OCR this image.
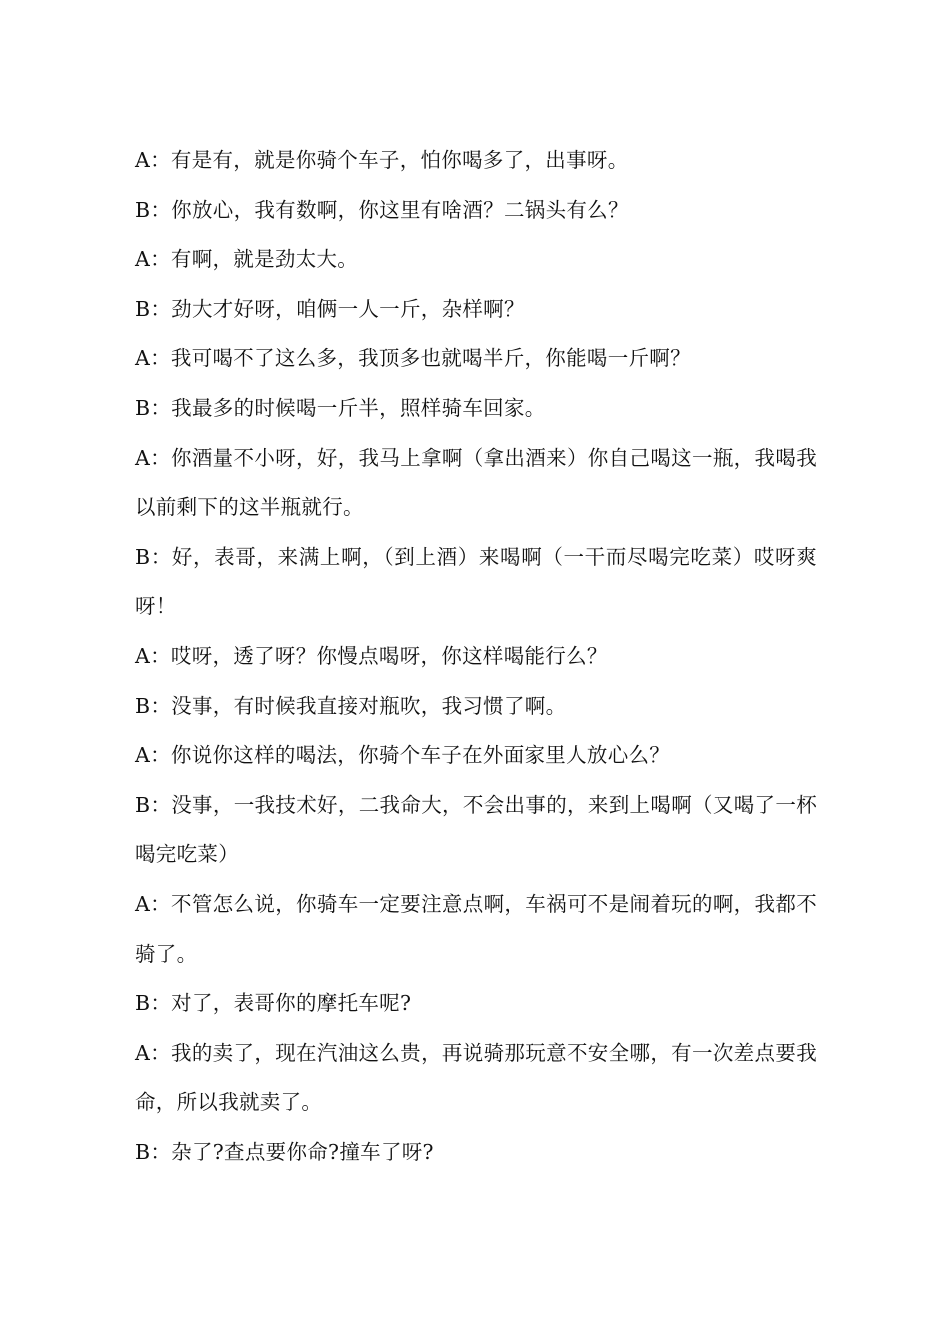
A：有是有，就是你骑个车子，怕你喝多了，出事呀。

B：你放心，我有数啊，你这里有啥酒？二锅头有么？

A：有啊，就是劲太大。

B：劲大才好呀，咱俩一人一斤，杂样啊？

A：我可喝不了这么多，我顶多也就喝半斤，你能喝一斤啊？

B：我最多的时候喝一斤半，照样骑车回家。

A：你酒量不小呀，好，我马上拿啊（拿出酒来）你自己喝这一瓶，我喝我以前剩下的这半瓶就行。

B：好，表哥，来满上啊，（到上酒）来喝啊（一干而尽喝完吃菜）哎呀爽呀！

A：哎呀，透了呀？你慢点喝呀，你这样喝能行么？

B：没事，有时候我直接对瓶吹，我习惯了啊。

A：你说你这样的喝法，你骑个车子在外面家里人放心么？

B：没事，一我技术好，二我命大，不会出事的，来到上喝啊（又喝了一杯喝完吃菜）

A：不管怎么说，你骑车一定要注意点啊，车祸可不是闹着玩的啊，我都不骑了。

B：对了，表哥你的摩托车呢?

A：我的卖了，现在汽油这么贵，再说骑那玩意不安全哪，有一次差点要我命，所以我就卖了。

B：杂了?查点要你命?撞车了呀?
